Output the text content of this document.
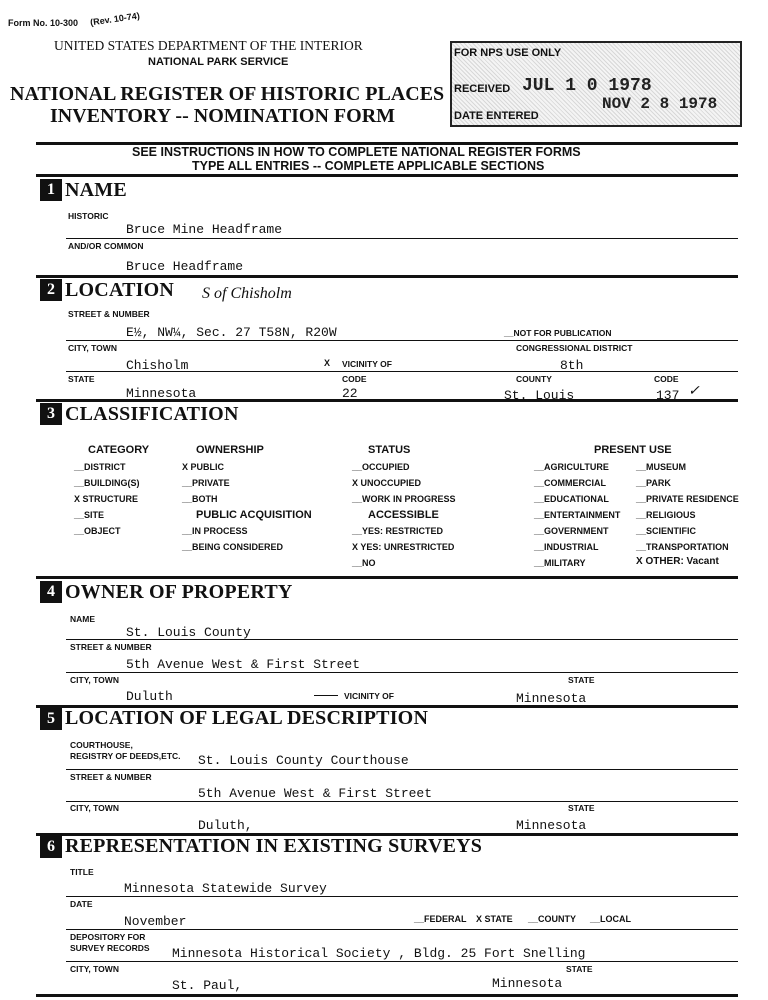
Form No. 10-300 (Rev. 10-74)
UNITED STATES DEPARTMENT OF THE INTERIOR
NATIONAL PARK SERVICE
NATIONAL REGISTER OF HISTORIC PLACES
INVENTORY -- NOMINATION FORM
FOR NPS USE ONLY
RECEIVED JUL 1 0 1978
NOV 2 8 1978
DATE ENTERED
SEE INSTRUCTIONS IN HOW TO COMPLETE NATIONAL REGISTER FORMS
TYPE ALL ENTRIES -- COMPLETE APPLICABLE SECTIONS
1 NAME
HISTORIC
Bruce Mine Headframe
AND/OR COMMON
Bruce Headframe
2 LOCATION S of Chisholm
STREET & NUMBER
E½, NW¼, Sec. 27 T58N, R20W	__NOT FOR PUBLICATION
CITY, TOWN	CONGRESSIONAL DISTRICT
Chisholm	X VICINITY OF	8th
STATE	CODE	COUNTY	CODE
Minnesota	22	St. Louis	137 ✓
3 CLASSIFICATION
CATEGORY	OWNERSHIP	STATUS	PRESENT USE
PUBLIC ACQUISITION	ACCESSIBLE
__DISTRICT
__BUILDING(S)
X STRUCTURE
__SITE
__OBJECT
X PUBLIC
__PRIVATE
__BOTH
__IN PROCESS
__BEING CONSIDERED
__OCCUPIED
X UNOCCUPIED
__WORK IN PROGRESS
__YES: RESTRICTED
X YES: UNRESTRICTED
__NO
__AGRICULTURE
__COMMERCIAL
__EDUCATIONAL
__ENTERTAINMENT
__GOVERNMENT
__INDUSTRIAL
__MILITARY
__MUSEUM
__PARK
__PRIVATE RESIDENCE
__RELIGIOUS
__SCIENTIFIC
__TRANSPORTATION
X OTHER: Vacant
4 OWNER OF PROPERTY
NAME
St. Louis County
STREET & NUMBER
5th Avenue West & First Street
CITY, TOWN	STATE
Duluth	VICINITY OF	Minnesota
5 LOCATION OF LEGAL DESCRIPTION
COURTHOUSE,
REGISTRY OF DEEDS,ETC. St. Louis County Courthouse
STREET & NUMBER
5th Avenue West & First Street
CITY, TOWN	STATE
Duluth,	Minnesota
6 REPRESENTATION IN EXISTING SURVEYS
TITLE
Minnesota Statewide Survey
DATE
November	__FEDERAL X STATE __COUNTY __LOCAL
DEPOSITORY FOR
SURVEY RECORDS Minnesota Historical Society , Bldg. 25 Fort Snelling
CITY, TOWN	STATE
St. Paul,	Minnesota
